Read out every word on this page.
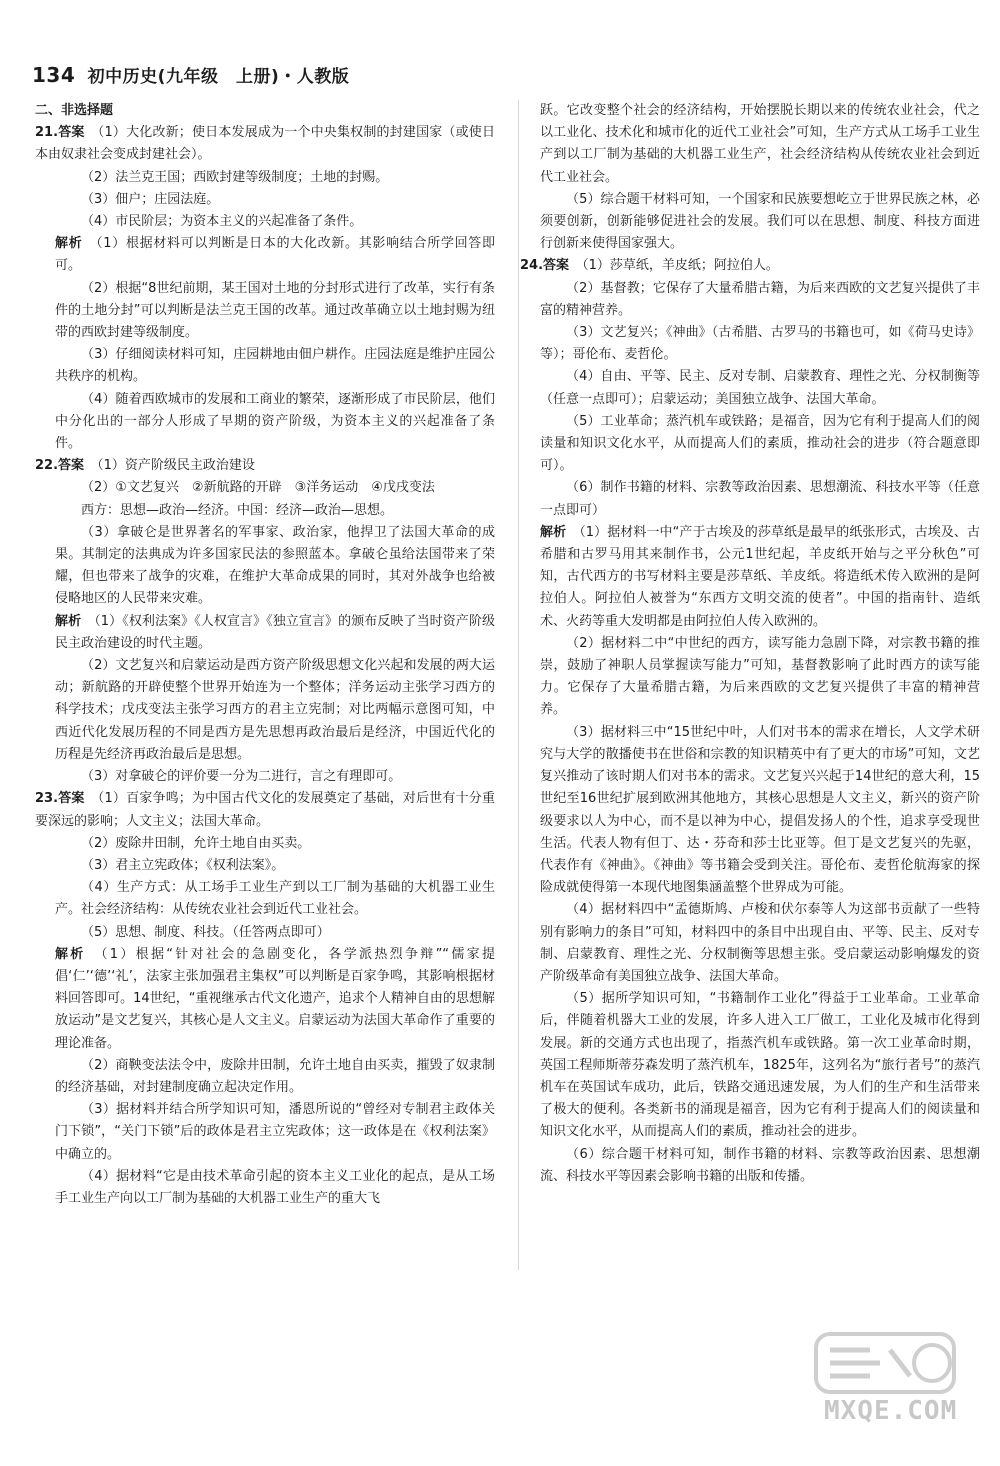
134 初中历史(九年级　上册)・人教版

二、非选择题

21.答案　 （1）大化改新；使日本发展成为一个中央集权制的封建国家（或使日本由奴隶社会变成封建社会）。

（2）法兰克王国；西欧封建等级制度；土地的封赐。

（3）佃户；庄园法庭。

（4）市民阶层；为资本主义的兴起准备了条件。

解析　 （1）根据材料可以判断是日本的大化改新。其影响结合所学回答即可。

（2）根据“8世纪前期，某王国对土地的分封形式进行了改革，实行有条件的土地分封”可以判断是法兰克王国的改革。通过改革确立以土地封赐为纽带的西欧封建等级制度。

（3）仔细阅读材料可知，庄园耕地由佃户耕作。庄园法庭是维护庄园公共秩序的机构。

（4）随着西欧城市的发展和工商业的繁荣，逐渐形成了市民阶层，他们中分化出的一部分人形成了早期的资产阶级，为资本主义的兴起准备了条件。

22.答案　 （1）资产阶级民主政治建设

（2）①文艺复兴　②新航路的开辟　③洋务运动　④戊戌变法

西方：思想—政治—经济。中国：经济—政治—思想。

（3）拿破仑是世界著名的军事家、政治家，他捍卫了法国大革命的成果。其制定的法典成为许多国家民法的参照蓝本。拿破仑虽给法国带来了荣耀，但也带来了战争的灾难，在维护大革命成果的同时，其对外战争也给被侵略地区的人民带来灾难。

解析　 （1）《权利法案》《人权宣言》《独立宣言》的颁布反映了当时资产阶级民主政治建设的时代主题。

（2）文艺复兴和启蒙运动是西方资产阶级思想文化兴起和发展的两大运动；新航路的开辟使整个世界开始连为一个整体；洋务运动主张学习西方的科学技术；戊戌变法主张学习西方的君主立宪制；对比两幅示意图可知，中西近代化发展历程的不同是西方是先思想再政治最后是经济，中国近代化的历程是先经济再政治最后是思想。

（3）对拿破仑的评价要一分为二进行，言之有理即可。

23.答案　 （1）百家争鸣；为中国古代文化的发展奠定了基础，对后世有十分重要深远的影响；人文主义；法国大革命。

（2）废除井田制，允许土地自由买卖。

（3）君主立宪政体；《权利法案》。

（4）生产方式：从工场手工业生产到以工厂制为基础的大机器工业生产。社会经济结构：从传统农业社会到近代工业社会。

（5）思想、制度、科技。（任答两点即可）

解析　 （1）根据“针对社会的急剧变化，各学派热烈争辩”“儒家提倡‘仁’‘德’‘礼’，法家主张加强君主集权”可以判断是百家争鸣，其影响根据材料回答即可。14世纪，“重视继承古代文化遗产，追求个人精神自由的思想解放运动”是文艺复兴，其核心是人文主义。启蒙运动为法国大革命作了重要的理论准备。

（2）商鞅变法法令中，废除井田制，允许土地自由买卖，摧毁了奴隶制的经济基础，对封建制度确立起决定作用。

（3）据材料并结合所学知识可知，潘恩所说的“曾经对专制君主政体关门下锁”，“关门下锁”后的政体是君主立宪政体；这一政体是在《权利法案》中确立的。

（4）据材料“它是由技术革命引起的资本主义工业化的起点，是从工场手工业生产向以工厂制为基础的大机器工业生产的重大飞

跃。它改变整个社会的经济结构，开始摆脱长期以来的传统农业社会，代之以工业化、技术化和城市化的近代工业社会”可知，生产方式从工场手工业生产到以工厂制为基础的大机器工业生产，社会经济结构从传统农业社会到近代工业社会。

（5）综合题干材料可知，一个国家和民族要想屹立于世界民族之林，必须要创新，创新能够促进社会的发展。我们可以在思想、制度、科技方面进行创新来使得国家强大。

24.答案　 （1）莎草纸，羊皮纸；阿拉伯人。

（2）基督教；它保存了大量希腊古籍，为后来西欧的文艺复兴提供了丰富的精神营养。

（3）文艺复兴；《神曲》（古希腊、古罗马的书籍也可，如《荷马史诗》等）；哥伦布、麦哲伦。

（4）自由、平等、民主、反对专制、启蒙教育、理性之光、分权制衡等（任意一点即可）；启蒙运动；美国独立战争、法国大革命。

（5）工业革命；蒸汽机车或铁路；是福音，因为它有利于提高人们的阅读量和知识文化水平，从而提高人们的素质，推动社会的进步（符合题意即可）。

（6）制作书籍的材料、宗教等政治因素、思想潮流、科技水平等（任意一点即可）

解析　 （1）据材料一中“产于古埃及的莎草纸是最早的纸张形式，古埃及、古希腊和古罗马用其来制作书，公元1世纪起，羊皮纸开始与之平分秋色”可知，古代西方的书写材料主要是莎草纸、羊皮纸。将造纸术传入欧洲的是阿拉伯人。阿拉伯人被誉为“东西方文明交流的使者”。中国的指南针、造纸术、火药等重大发明都是由阿拉伯人传入欧洲的。

（2）据材料二中“中世纪的西方，读写能力急剧下降，对宗教书籍的推崇，鼓励了神职人员掌握读写能力”可知，基督教影响了此时西方的读写能力。它保存了大量希腊古籍，为后来西欧的文艺复兴提供了丰富的精神营养。

（3）据材料三中“15世纪中叶，人们对书本的需求在增长，人文学术研究与大学的散播使书在世俗和宗教的知识精英中有了更大的市场”可知，文艺复兴推动了该时期人们对书本的需求。文艺复兴兴起于14世纪的意大利，15世纪至16世纪扩展到欧洲其他地方，其核心思想是人文主义，新兴的资产阶级要求以人为中心，而不是以神为中心，提倡发扬人的个性，追求享受现世生活。代表人物有但丁、达・芬奇和莎士比亚等。但丁是文艺复兴的先驱，代表作有《神曲》。《神曲》等书籍会受到关注。哥伦布、麦哲伦航海家的探险成就使得第一本现代地图集涵盖整个世界成为可能。

（4）据材料四中“孟德斯鸠、卢梭和伏尔泰等人为这部书贡献了一些特别有影响力的条目”可知，材料四中的条目中出现自由、平等、民主、反对专制、启蒙教育、理性之光、分权制衡等思想主张。受启蒙运动影响爆发的资产阶级革命有美国独立战争、法国大革命。

（5）据所学知识可知，“书籍制作工业化”得益于工业革命。工业革命后，伴随着机器大工业的发展，许多人进入工厂做工，工业化及城市化得到发展。新的交通方式也出现了，指蒸汽机车或铁路。第一次工业革命时期，英国工程师斯蒂芬森发明了蒸汽机车，1825年，这列名为“旅行者号”的蒸汽机车在英国试车成功，此后，铁路交通迅速发展，为人们的生产和生活带来了极大的便利。各类新书的涌现是福音，因为它有利于提高人们的阅读量和知识文化水平，从而提高人们的素质，推动社会的进步。

（6）综合题干材料可知，制作书籍的材料、宗教等政治因素、思想潮流、科技水平等因素会影响书籍的出版和传播。

MXQE.COM
